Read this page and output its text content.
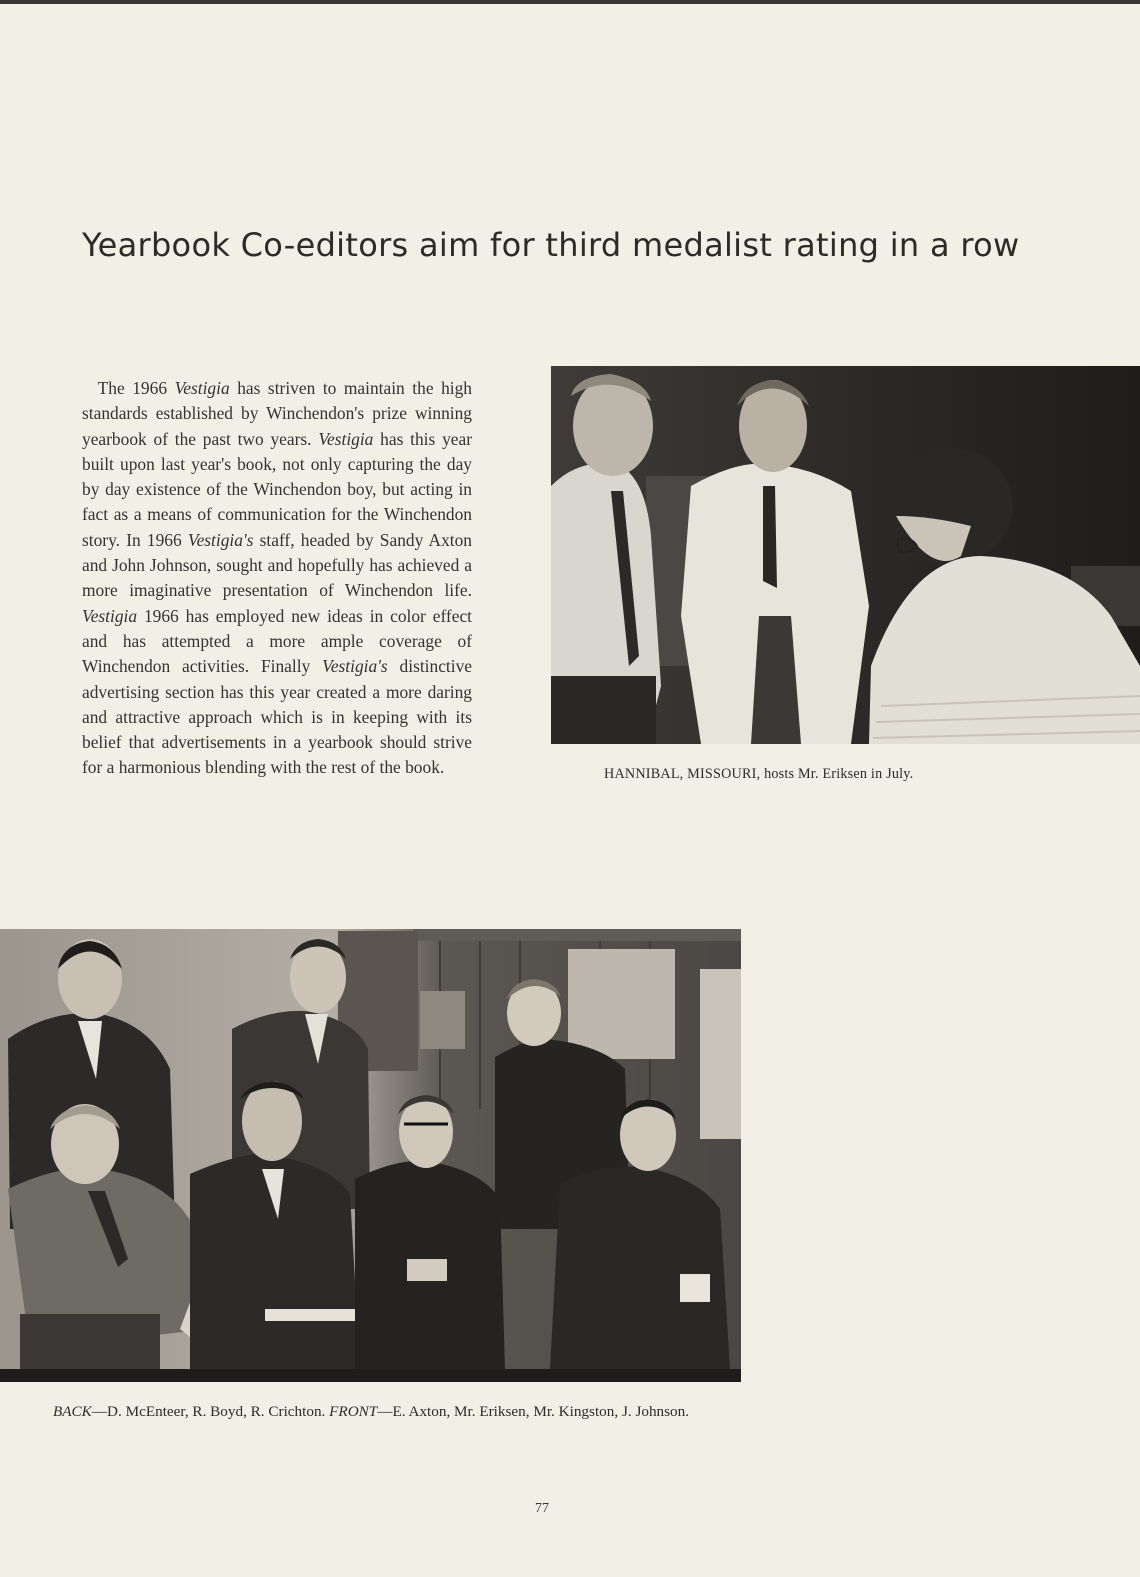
Yearbook Co-editors aim for third medalist rating in a row

The 1966 Vestigia has striven to maintain the high standards established by Winchendon's prize winning yearbook of the past two years. Vestigia has this year built upon last year's book, not only capturing the day by day existence of the Winchendon boy, but acting in fact as a means of communication for the Winchendon story. In 1966 Vestigia's staff, headed by Sandy Axton and John Johnson, sought and hopefully has achieved a more imaginative presentation of Winchendon life. Vestigia 1966 has employed new ideas in color effect and has attempted a more ample coverage of Winchendon activities. Finally Vestigia's distinctive advertising section has this year created a more daring and attractive approach which is in keeping with its belief that advertisements in a yearbook should strive for a harmonious blending with the rest of the book.	HANNIBAL, MISSOURI, hosts Mr. Eriksen in July.

BACK—D. McEnteer, R. Boyd, R. Crichton. FRONT—E. Axton, Mr. Eriksen, Mr. Kingston, J. Johnson.

77
